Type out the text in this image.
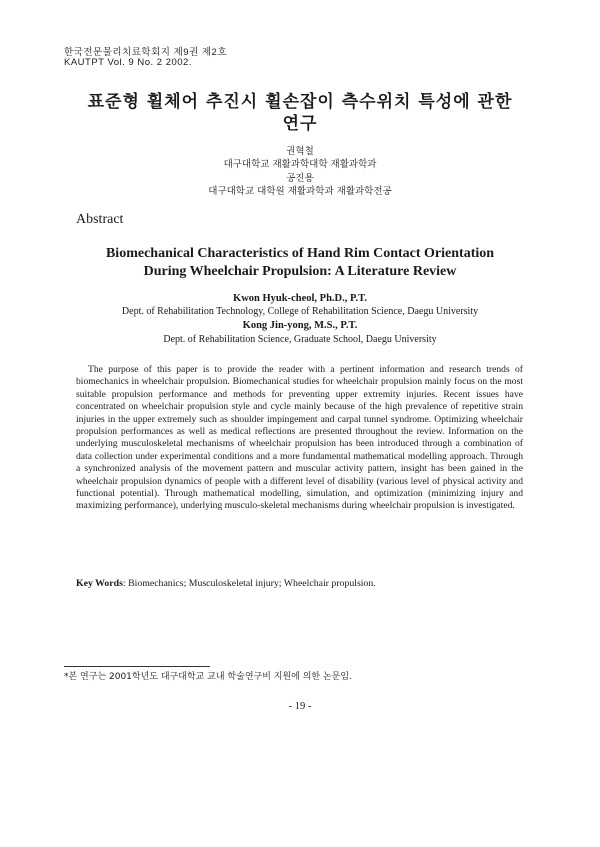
한국전문물리치료학회지 제9권 제2호
KAUTPT Vol. 9 No. 2 2002.
표준형 휠체어 추진시 휠손잡이 측수위치 특성에 관한
연구
권혁철
대구대학교 재활과학대학 재활과학과
공진용
대구대학교 대학원 재활과학과 재활과학전공
Abstract
Biomechanical Characteristics of Hand Rim Contact Orientation
During Wheelchair Propulsion: A Literature Review
Kwon Hyuk-cheol, Ph.D., P.T.
Dept. of Rehabilitation Technology, College of Rehabilitation Science, Daegu University
Kong Jin-yong, M.S., P.T.
Dept. of Rehabilitation Science, Graduate School, Daegu University
The purpose of this paper is to provide the reader with a pertinent information and research trends of biomechanics in wheelchair propulsion. Biomechanical studies for wheelchair propulsion mainly focus on the most suitable propulsion performance and methods for preventing upper extremity injuries. Recent issues have concentrated on wheelchair propulsion style and cycle mainly because of the high prevalence of repetitive strain injuries in the upper extremely such as shoulder impingement and carpal tunnel syndrome. Optimizing wheelchair propulsion performances as well as medical reflections are presented throughout the review. Information on the underlying musculoskeletal mechanisms of wheelchair propulsion has been introduced through a combination of data collection under experimental conditions and a more fundamental mathematical modelling approach. Through a synchronized analysis of the movement pattern and muscular activity pattern, insight has been gained in the wheelchair propulsion dynamics of people with a different level of disability (various level of physical activity and functional potential). Through mathematical modelling, simulation, and optimization (minimizing injury and maximizing performance), underlying musculo-skeletal mechanisms during wheelchair propulsion is investigated.
Key Words: Biomechanics; Musculoskeletal injury; Wheelchair propulsion.
*본 연구는 2001학년도 대구대학교 교내 학술연구비 지원에 의한 논문임.
- 19 -
